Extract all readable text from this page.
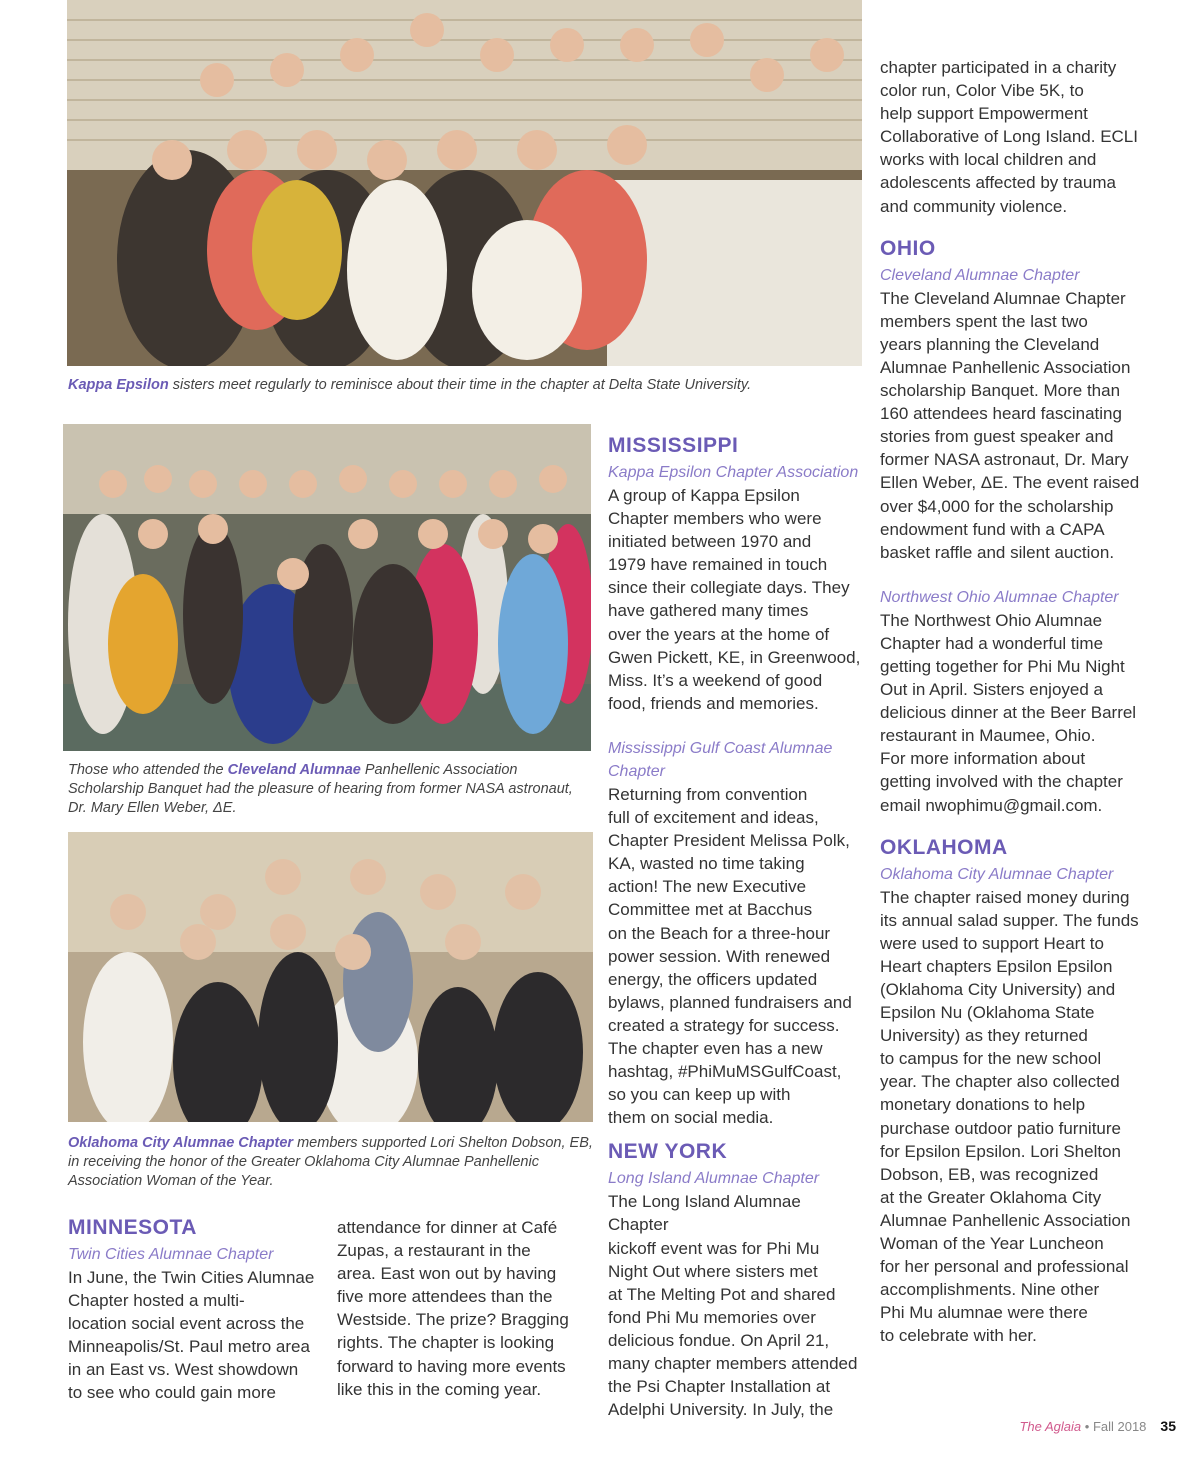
Kappa Epsilon sisters meet regularly to reminisce about their time in the chapter at Delta State University.
Those who attended the Cleveland Alumnae Panhellenic Association Scholarship Banquet had the pleasure of hearing from former NASA astronaut, Dr. Mary Ellen Weber, ΔE.
Oklahoma City Alumnae Chapter members supported Lori Shelton Dobson, EB, in receiving the honor of the Greater Oklahoma City Alumnae Panhellenic Association Woman of the Year.
MINNESOTA

Twin Cities Alumnae Chapter

In June, the Twin Cities Alumnae
Chapter hosted a multi-
location social event across the
Minneapolis/St. Paul metro area
in an East vs. West showdown
to see who could gain more

attendance for dinner at Café
Zupas, a restaurant in the
area. East won out by having
five more attendees than the
Westside. The prize? Bragging
rights. The chapter is looking
forward to having more events
like this in the coming year.

MISSISSIPPI

Kappa Epsilon Chapter Association

A group of Kappa Epsilon
Chapter members who were
initiated between 1970 and
1979 have remained in touch
since their collegiate days. They
have gathered many times
over the years at the home of
Gwen Pickett, KE, in Greenwood,
Miss. It’s a weekend of good
food, friends and memories.

Mississippi Gulf Coast Alumnae
Chapter

Returning from convention
full of excitement and ideas,
Chapter President Melissa Polk,
KA, wasted no time taking
action! The new Executive
Committee met at Bacchus
on the Beach for a three-hour
power session. With renewed
energy, the officers updated
bylaws, planned fundraisers and
created a strategy for success.
The chapter even has a new
hashtag, #PhiMuMSGulfCoast,
so you can keep up with
them on social media.

NEW YORK

Long Island Alumnae Chapter

The Long Island Alumnae Chapter
kickoff event was for Phi Mu
Night Out where sisters met
at The Melting Pot and shared
fond Phi Mu memories over
delicious fondue. On April 21,
many chapter members attended
the Psi Chapter Installation at
Adelphi University. In July, the

chapter participated in a charity
color run, Color Vibe 5K, to
help support Empowerment
Collaborative of Long Island. ECLI
works with local children and
adolescents affected by trauma
and community violence.

OHIO

Cleveland Alumnae Chapter

The Cleveland Alumnae Chapter
members spent the last two
years planning the Cleveland
Alumnae Panhellenic Association
scholarship Banquet. More than
160 attendees heard fascinating
stories from guest speaker and
former NASA astronaut, Dr. Mary
Ellen Weber, ΔE. The event raised
over $4,000 for the scholarship
endowment fund with a CAPA
basket raffle and silent auction.

Northwest Ohio Alumnae Chapter

The Northwest Ohio Alumnae
Chapter had a wonderful time
getting together for Phi Mu Night
Out in April. Sisters enjoyed a
delicious dinner at the Beer Barrel
restaurant in Maumee, Ohio.
For more information about
getting involved with the chapter
email nwophimu@gmail.com.

OKLAHOMA

Oklahoma City Alumnae Chapter

The chapter raised money during
its annual salad supper. The funds
were used to support Heart to
Heart chapters Epsilon Epsilon
(Oklahoma City University) and
Epsilon Nu (Oklahoma State
University) as they returned
to campus for the new school
year. The chapter also collected
monetary donations to help
purchase outdoor patio furniture
for Epsilon Epsilon. Lori Shelton
Dobson, EB, was recognized
at the Greater Oklahoma City
Alumnae Panhellenic Association
Woman of the Year Luncheon
for her personal and professional
accomplishments. Nine other
Phi Mu alumnae were there
to celebrate with her.

The Aglaia • Fall 2018 35
